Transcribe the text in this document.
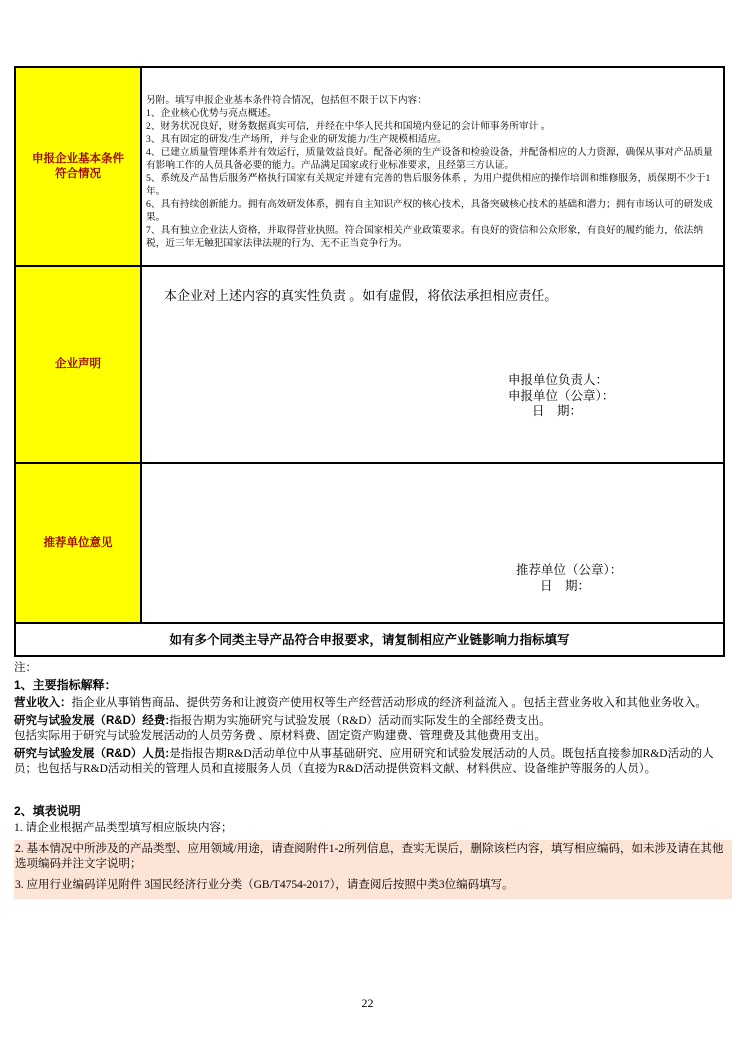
申报企业基本条件符合情况

另附。填写申报企业基本条件符合情况，包括但不限于以下内容：

1、企业核心优势与亮点概述。

2、财务状况良好，财务数据真实可信，并经在中华人民共和国境内登记的会计师事务所审计 。

3、具有固定的研发/生产场所，并与企业的研发能力/生产规模相适应。

4、已建立质量管理体系并有效运行，质量效益良好。配备必须的生产设备和检验设备，并配备相应的人力资源，确保从事对产品质量有影响工作的人员具备必要的能力。产品满足国家或行业标准要求，且经第三方认证。

5、系统及产品售后服务严格执行国家有关规定并建有完善的售后服务体系 ，为用户提供相应的操作培训和维修服务，质保期不少于1年。

6、具有持续创新能力。拥有高效研发体系，拥有自主知识产权的核心技术，具备突破核心技术的基础和潜力；拥有市场认可的研发成果。

7、具有独立企业法人资格，并取得营业执照。符合国家相关产业政策要求。有良好的资信和公众形象，有良好的履约能力，依法纳税，近三年无触犯国家法律法规的行为、无不正当竞争行为。

企业声明
本企业对上述内容的真实性负责 。如有虚假，将依法承担相应责任。
申报单位负责人：
申报单位（公章）：
日　期：
推荐单位意见
推荐单位（公章）：
日　期：
如有多个同类主导产品符合申报要求，请复制相应产业链影响力指标填写

注：

1、主要指标解释：

营业收入：指企业从事销售商品、提供劳务和让渡资产使用权等生产经营活动形成的经济利益流入 。包括主营业务收入和其他业务收入。

研究与试验发展（R&D）经费:指报告期为实施研究与试验发展（R&D）活动而实际发生的全部经费支出。

包括实际用于研究与试验发展活动的人员劳务费 、原材料费、固定资产购建费、管理费及其他费用支出。

研究与试验发展（R&D）人员:是指报告期R&D活动单位中从事基础研究、应用研究和试验发展活动的人员。既包括直接参加R&D活动的人员；也包括与R&D活动相关的管理人员和直接服务人员（直接为R&D活动提供资料文献、材料供应、设备维护等服务的人员）。

2、填表说明

1. 请企业根据产品类型填写相应版块内容；

2. 基本情况中所涉及的产品类型、应用领域/用途，请查阅附件1-2所列信息，查实无误后，删除该栏内容，填写相应编码，如未涉及请在其他选项编码并注文字说明；

3. 应用行业编码详见附件 3国民经济行业分类（GB/T4754-2017），请查阅后按照中类3位编码填写。

22
